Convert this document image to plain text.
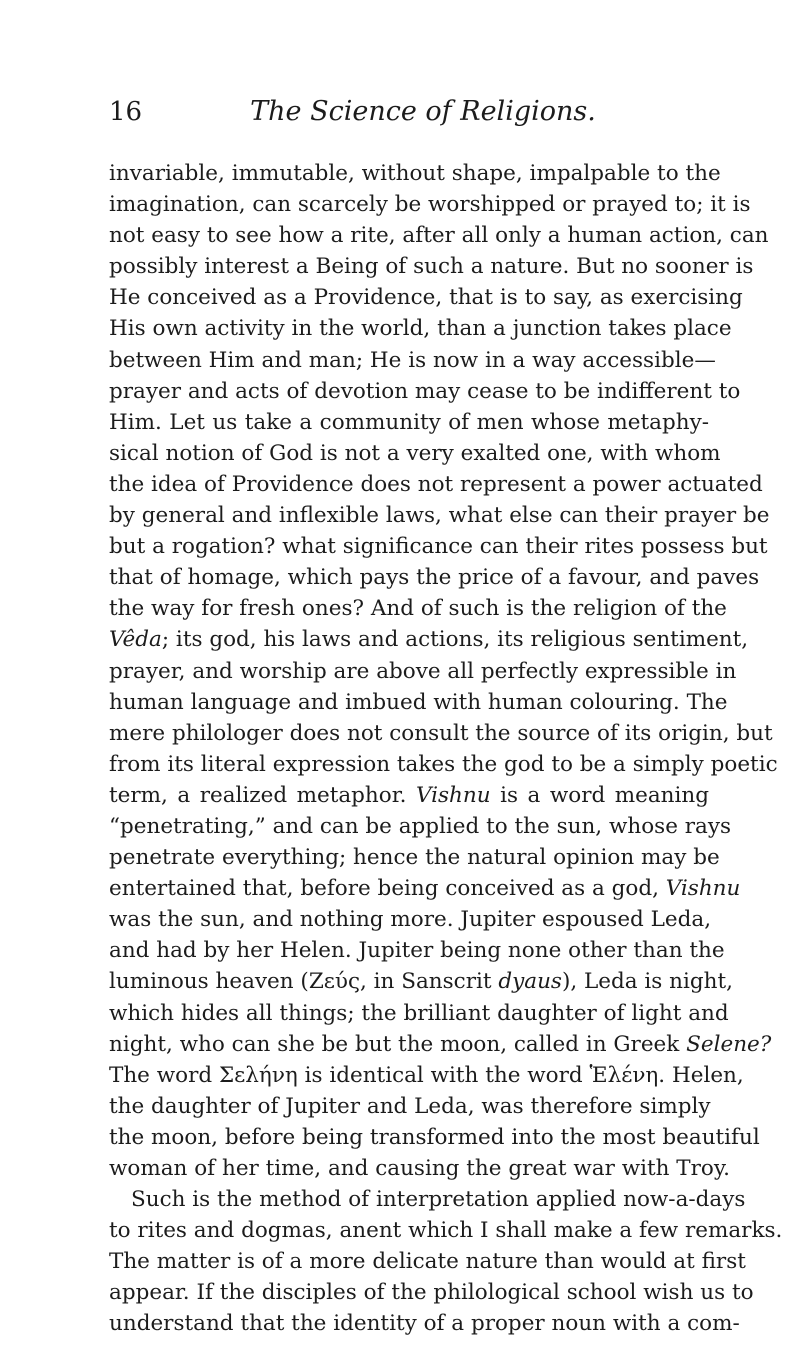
16	The Science of Religions.
invariable, immutable, without shape, impalpable to the
imagination, can scarcely be worshipped or prayed to; it is
not easy to see how a rite, after all only a human action, can
possibly interest a Being of such a nature. But no sooner is
He conceived as a Providence, that is to say, as exercising
His own activity in the world, than a junction takes place
between Him and man; He is now in a way accessible—
prayer and acts of devotion may cease to be indifferent to
Him. Let us take a community of men whose metaphy-
sical notion of God is not a very exalted one, with whom
the idea of Providence does not represent a power actuated
by general and inflexible laws, what else can their prayer be
but a rogation? what significance can their rites possess but
that of homage, which pays the price of a favour, and paves
the way for fresh ones? And of such is the religion of the
Vêda; its god, his laws and actions, its religious sentiment,
prayer, and worship are above all perfectly expressible in
human language and imbued with human colouring. The
mere philologer does not consult the source of its origin, but
from its literal expression takes the god to be a simply poetic
term, a realized metaphor. Vishnu is a word meaning
“penetrating,” and can be applied to the sun, whose rays
penetrate everything; hence the natural opinion may be
entertained that, before being conceived as a god, Vishnu
was the sun, and nothing more. Jupiter espoused Leda,
and had by her Helen. Jupiter being none other than the
luminous heaven (Ζεύς, in Sanscrit dyaus), Leda is night,
which hides all things; the brilliant daughter of light and
night, who can she be but the moon, called in Greek Selene?
The word Σελήνη is identical with the word Ἑλένη. Helen,
the daughter of Jupiter and Leda, was therefore simply
the moon, before being transformed into the most beautiful
woman of her time, and causing the great war with Troy.
Such is the method of interpretation applied now-a-days
to rites and dogmas, anent which I shall make a few remarks.
The matter is of a more delicate nature than would at first
appear. If the disciples of the philological school wish us to
understand that the identity of a proper noun with a com-
